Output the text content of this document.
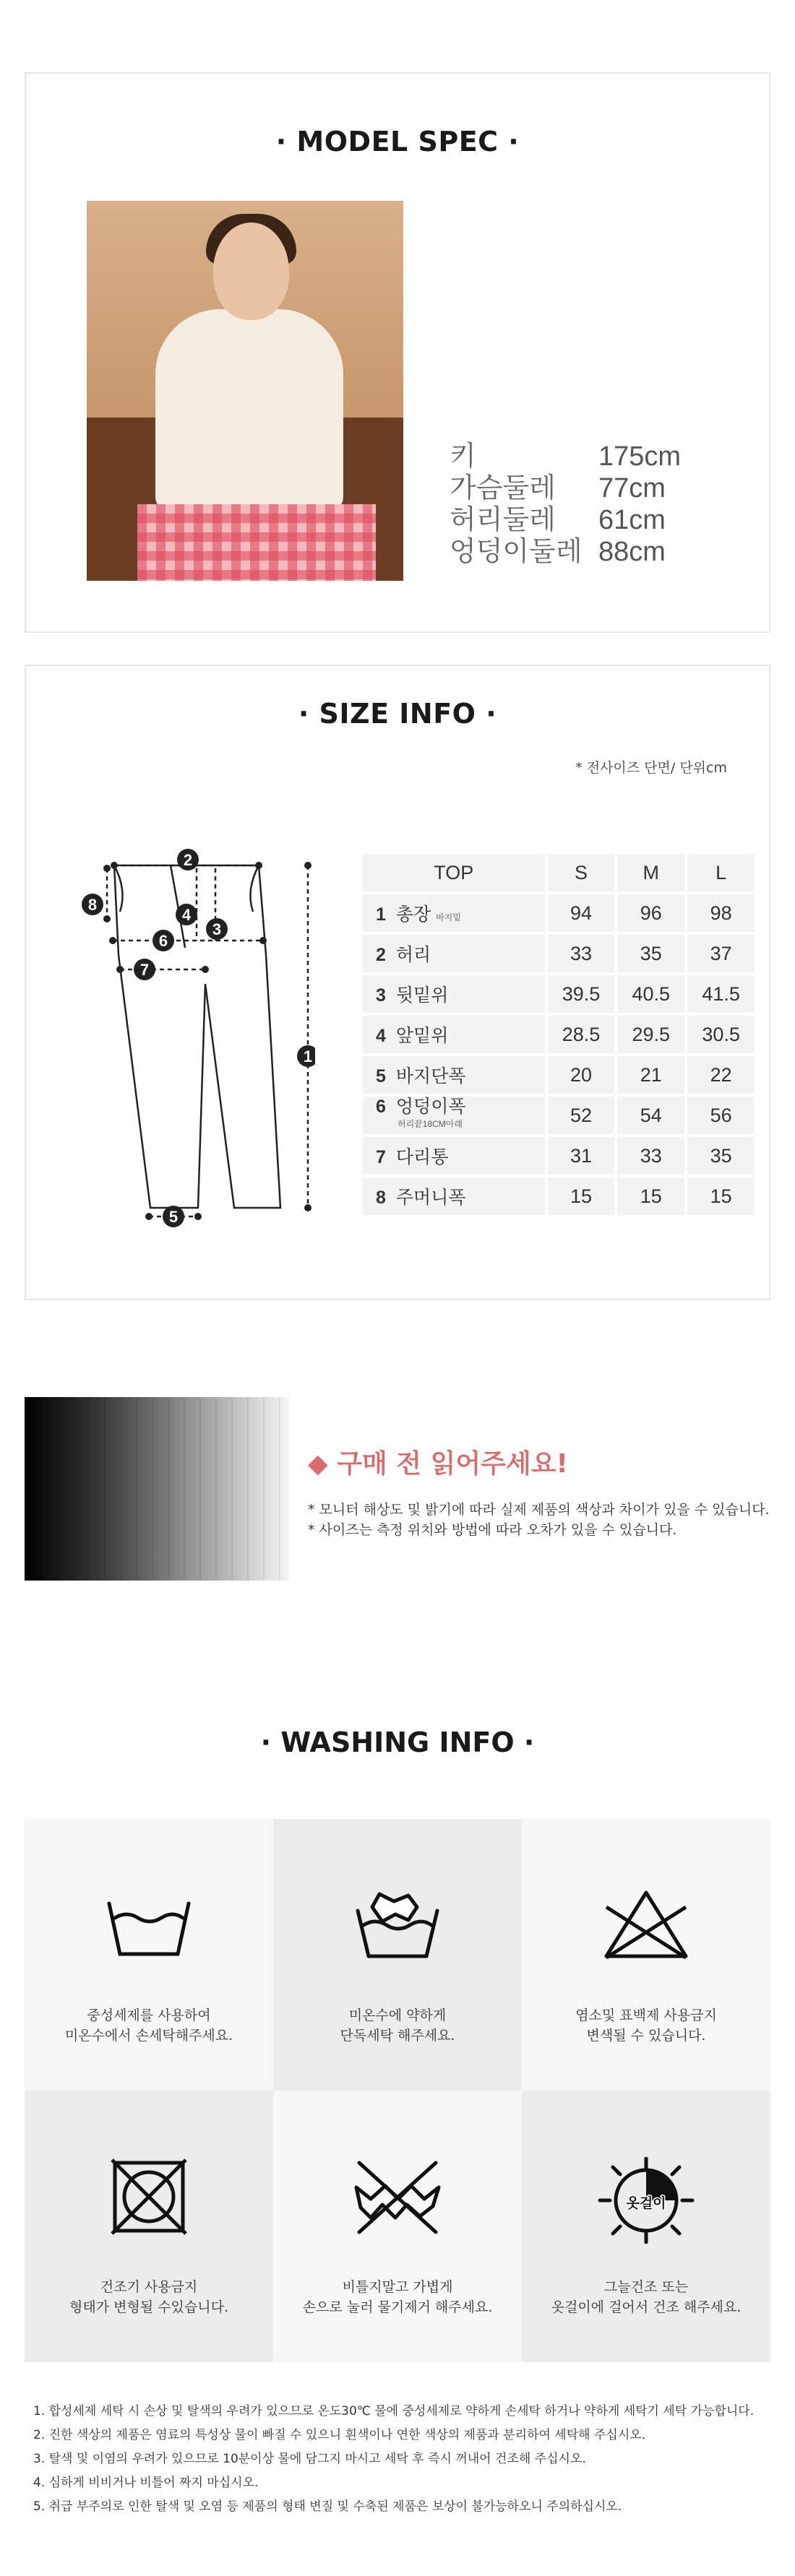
· MODEL SPEC ·
키	175cm
가슴둘레	77cm
허리둘레	61cm
엉덩이둘레 88cm
· SIZE INFO ·
* 전사이즈 단면/ 단위cm
1
2
3
4
5
6
7
8
TOP	S	M	L
1 총장 바지밑	94	96	98
2 허리	33	35	37
3 뒷밑위	39.5	40.5	41.5
4 앞밑위	28.5	29.5	30.5
5 바지단폭	20	21	22
6 엉덩이폭
허리끝18CM아래	52	54	56
7 다리통	31	33	35
8 주머니폭	15	15	15
◆ 구매 전 읽어주세요!
* 모니터 해상도 및 밝기에 따라 실제 제품의 색상과 차이가 있을 수 있습니다.
* 사이즈는 측정 위치와 방법에 따라 오차가 있을 수 있습니다.
· WASHING INFO ·
중성세제를 사용하여
미온수에서 손세탁해주세요.
미온수에 약하게
단독세탁 해주세요.
염소및 표백제 사용금지
변색될 수 있습니다.
건조기 사용금지
형태가 변형될 수있습니다.
비틀지말고 가볍게
손으로 눌러 물기제거 해주세요.
옷걸이
그늘건조 또는
옷걸이에 걸어서 건조 해주세요.
1. 합성세제 세탁 시 손상 및 탈색의 우려가 있으므로 온도30℃ 물에 중성세제로 약하게 손세탁 하거나 약하게 세탁기 세탁 가능합니다.
2. 진한 색상의 제품은 염료의 특성상 물이 빠질 수 있으니 흰색이나 연한 색상의 제품과 분리하여 세탁해 주십시오.
3. 탈색 및 이염의 우려가 있으므로 10분이상 물에 담그지 마시고 세탁 후 즉시 꺼내어 건조해 주십시오.
4. 심하게 비비거나 비틀어 짜지 마십시오.
5. 취급 부주의로 인한 탈색 및 오염 등 제품의 형태 변질 및 수축된 제품은 보상이 불가능하오니 주의하십시오.
